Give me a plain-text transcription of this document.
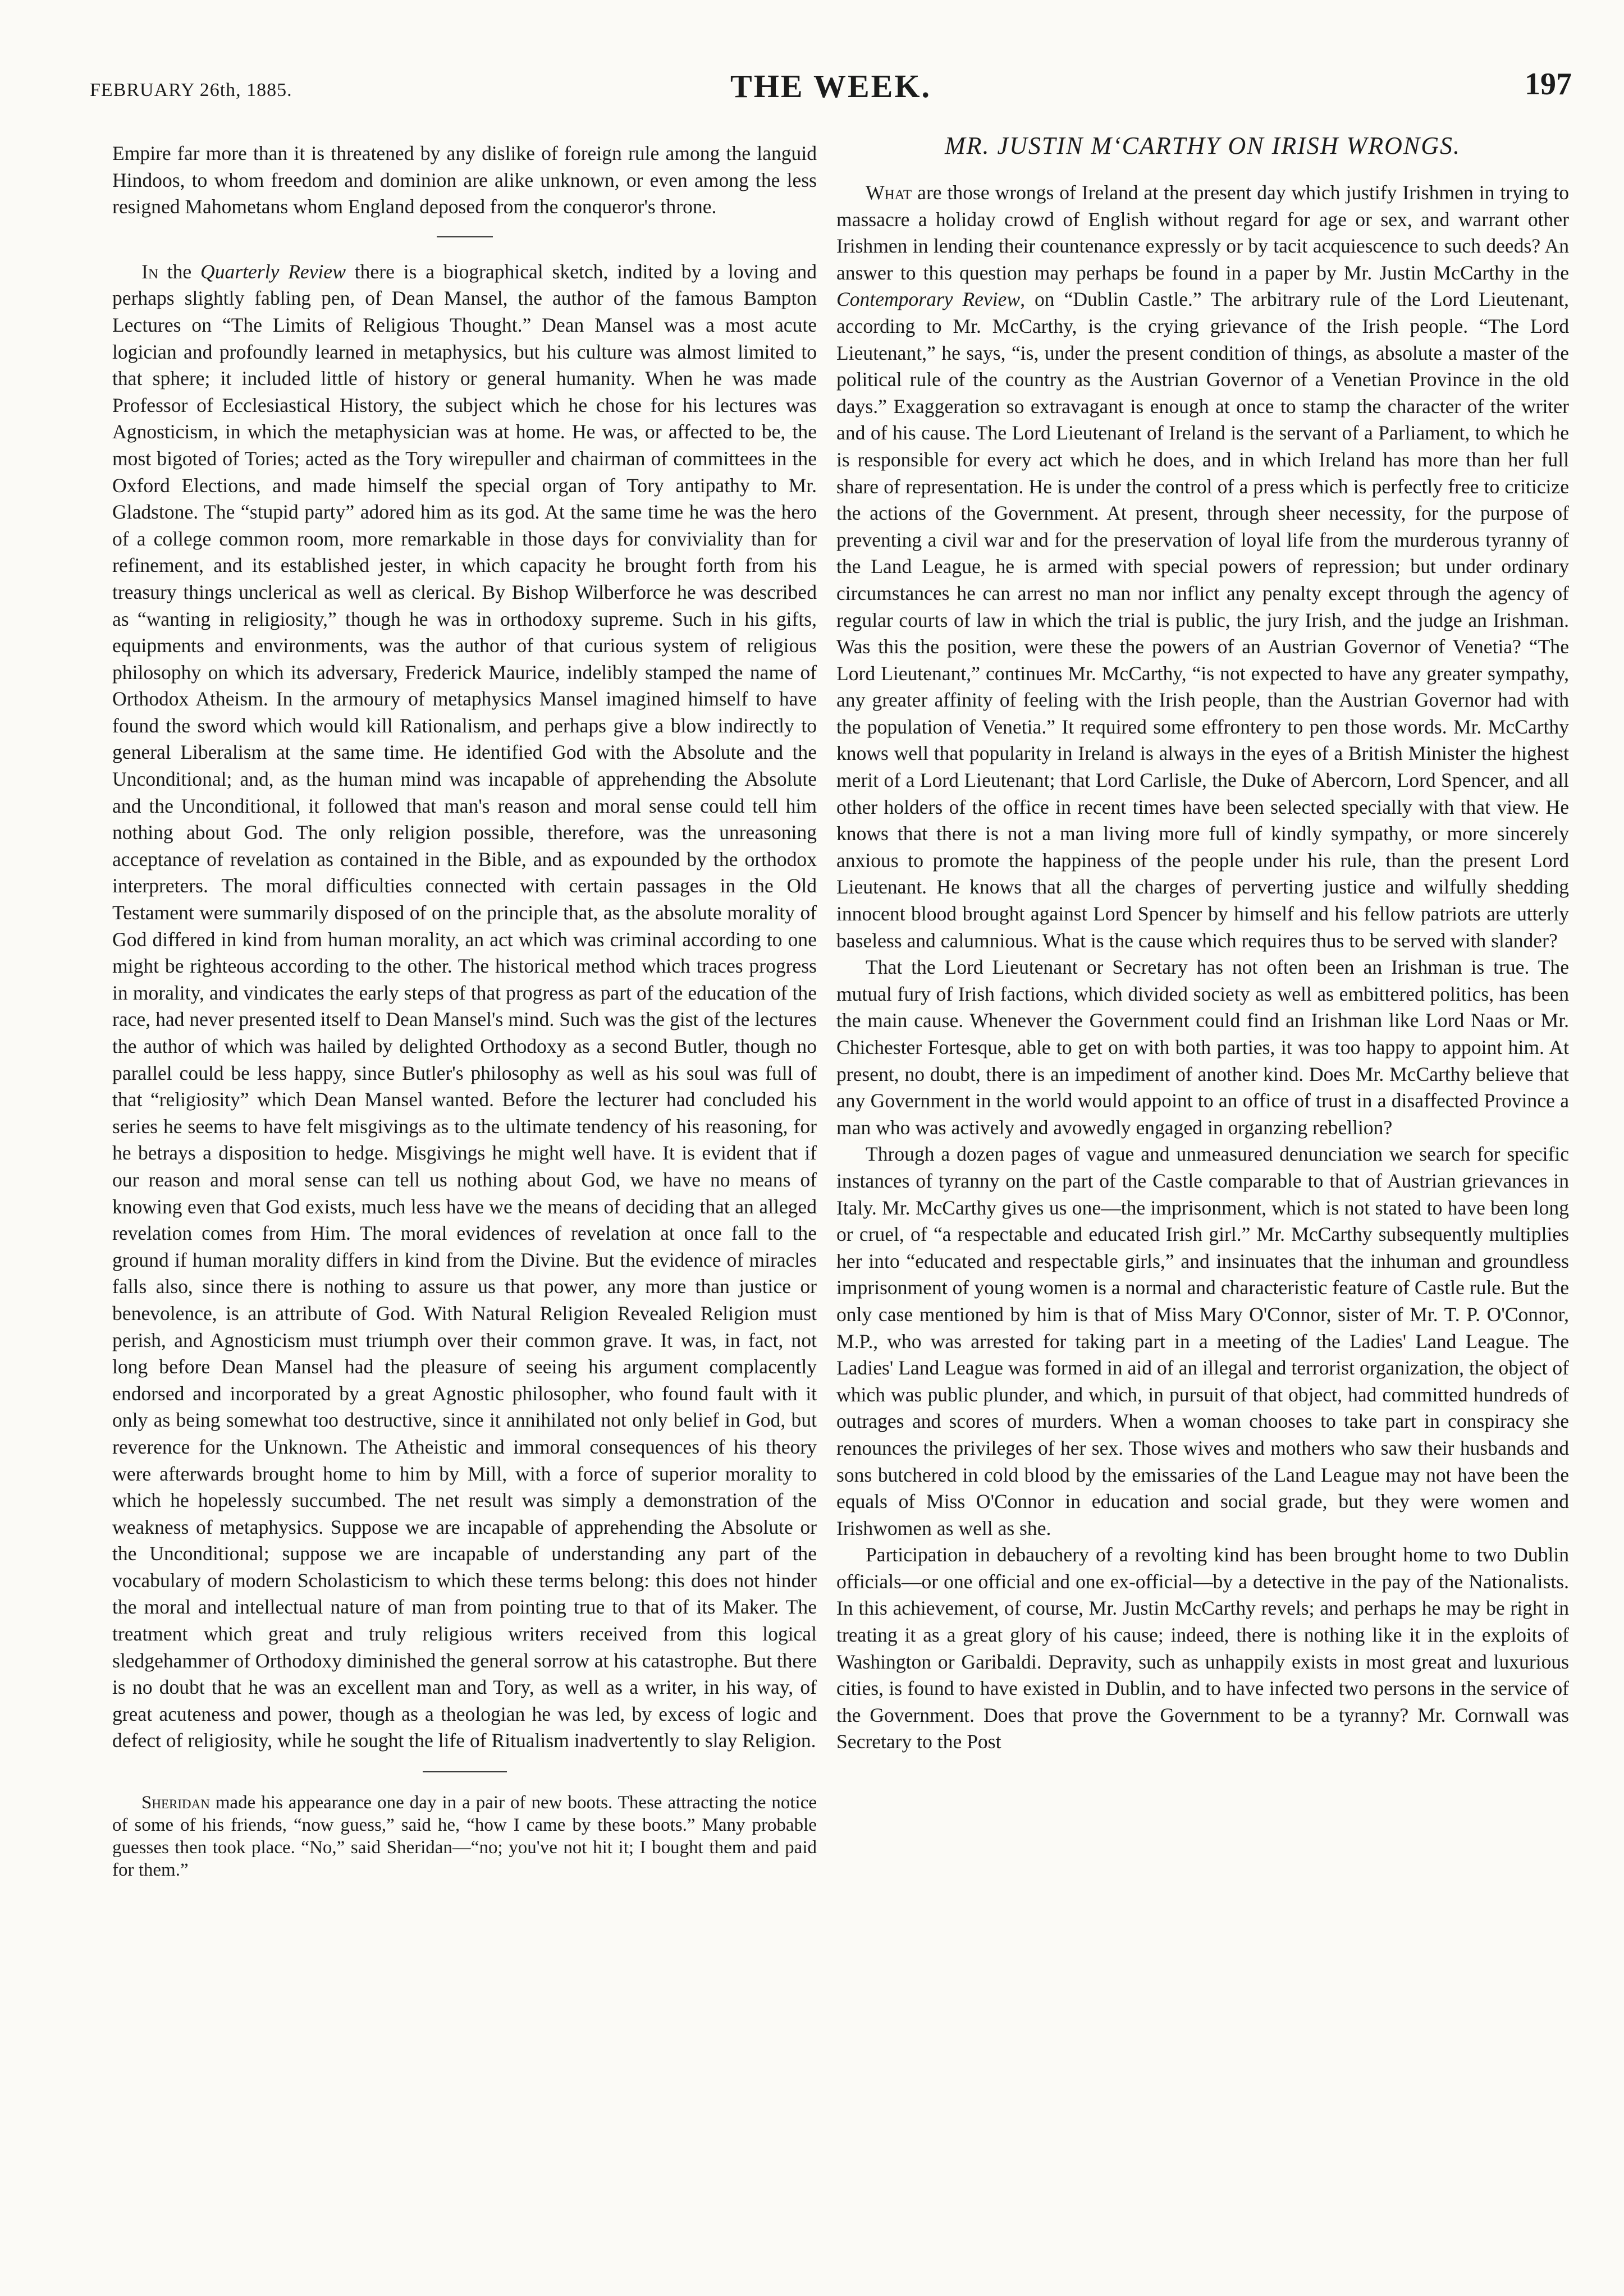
FEBRUARY 26th, 1885.	THE WEEK.	197

Empire far more than it is threatened by any dislike of foreign rule among the languid Hindoos, to whom freedom and dominion are alike unknown, or even among the less resigned Mahometans whom England deposed from the conqueror's throne.

In the Quarterly Review there is a biographical sketch, indited by a loving and perhaps slightly fabling pen, of Dean Mansel, the author of the famous Bampton Lectures on “The Limits of Religious Thought.” Dean Mansel was a most acute logician and profoundly learned in metaphysics, but his culture was almost limited to that sphere; it included little of history or general humanity. When he was made Professor of Ecclesiastical History, the subject which he chose for his lectures was Agnosticism, in which the metaphysician was at home. He was, or affected to be, the most bigoted of Tories; acted as the Tory wirepuller and chairman of committees in the Oxford Elections, and made himself the special organ of Tory antipathy to Mr. Gladstone. The “stupid party” adored him as its god. At the same time he was the hero of a college common room, more remarkable in those days for conviviality than for refinement, and its established jester, in which capacity he brought forth from his treasury things unclerical as well as clerical. By Bishop Wilberforce he was described as “wanting in religiosity,” though he was in orthodoxy supreme. Such in his gifts, equipments and environments, was the author of that curious system of religious philosophy on which its adversary, Frederick Maurice, indelibly stamped the name of Orthodox Atheism. In the armoury of metaphysics Mansel imagined himself to have found the sword which would kill Rationalism, and perhaps give a blow indirectly to general Liberalism at the same time. He identified God with the Absolute and the Unconditional; and, as the human mind was incapable of apprehending the Absolute and the Unconditional, it followed that man's reason and moral sense could tell him nothing about God. The only religion possible, therefore, was the unreasoning acceptance of revelation as contained in the Bible, and as expounded by the orthodox interpreters. The moral difficulties connected with certain passages in the Old Testament were summarily disposed of on the principle that, as the absolute morality of God differed in kind from human morality, an act which was criminal according to one might be righteous according to the other. The historical method which traces progress in morality, and vindicates the early steps of that progress as part of the education of the race, had never presented itself to Dean Mansel's mind. Such was the gist of the lectures the author of which was hailed by delighted Orthodoxy as a second Butler, though no parallel could be less happy, since Butler's philosophy as well as his soul was full of that “religiosity” which Dean Mansel wanted. Before the lecturer had concluded his series he seems to have felt misgivings as to the ultimate tendency of his reasoning, for he betrays a disposition to hedge. Misgivings he might well have. It is evident that if our reason and moral sense can tell us nothing about God, we have no means of knowing even that God exists, much less have we the means of deciding that an alleged revelation comes from Him. The moral evidences of revelation at once fall to the ground if human morality differs in kind from the Divine. But the evidence of miracles falls also, since there is nothing to assure us that power, any more than justice or benevolence, is an attribute of God. With Natural Religion Revealed Religion must perish, and Agnosticism must triumph over their common grave. It was, in fact, not long before Dean Mansel had the pleasure of seeing his argument complacently endorsed and incorporated by a great Agnostic philosopher, who found fault with it only as being somewhat too destructive, since it annihilated not only belief in God, but reverence for the Unknown. The Atheistic and immoral consequences of his theory were afterwards brought home to him by Mill, with a force of superior morality to which he hopelessly succumbed. The net result was simply a demonstration of the weakness of metaphysics. Suppose we are incapable of apprehending the Absolute or the Unconditional; suppose we are incapable of understanding any part of the vocabulary of modern Scholasticism to which these terms belong: this does not hinder the moral and intellectual nature of man from pointing true to that of its Maker. The treatment which great and truly religious writers received from this logical sledgehammer of Orthodoxy diminished the general sorrow at his catastrophe. But there is no doubt that he was an excellent man and Tory, as well as a writer, in his way, of great acuteness and power, though as a theologian he was led, by excess of logic and defect of religiosity, while he sought the life of Ritualism inadvertently to slay Religion.

Sheridan made his appearance one day in a pair of new boots. These attracting the notice of some of his friends, “now guess,” said he, “how I came by these boots.” Many probable guesses then took place. “No,” said Sheridan—“no; you've not hit it; I bought them and paid for them.”

MR. JUSTIN M‘CARTHY ON IRISH WRONGS.

What are those wrongs of Ireland at the present day which justify Irishmen in trying to massacre a holiday crowd of English without regard for age or sex, and warrant other Irishmen in lending their countenance expressly or by tacit acquiescence to such deeds? An answer to this question may perhaps be found in a paper by Mr. Justin McCarthy in the Contemporary Review, on “Dublin Castle.” The arbitrary rule of the Lord Lieutenant, according to Mr. McCarthy, is the crying grievance of the Irish people. “The Lord Lieutenant,” he says, “is, under the present condition of things, as absolute a master of the political rule of the country as the Austrian Governor of a Venetian Province in the old days.” Exaggeration so extravagant is enough at once to stamp the character of the writer and of his cause. The Lord Lieutenant of Ireland is the servant of a Parliament, to which he is responsible for every act which he does, and in which Ireland has more than her full share of representation. He is under the control of a press which is perfectly free to criticize the actions of the Government. At present, through sheer necessity, for the purpose of preventing a civil war and for the preservation of loyal life from the murderous tyranny of the Land League, he is armed with special powers of repression; but under ordinary circumstances he can arrest no man nor inflict any penalty except through the agency of regular courts of law in which the trial is public, the jury Irish, and the judge an Irishman. Was this the position, were these the powers of an Austrian Governor of Venetia? “The Lord Lieutenant,” continues Mr. McCarthy, “is not expected to have any greater sympathy, any greater affinity of feeling with the Irish people, than the Austrian Governor had with the population of Venetia.” It required some effrontery to pen those words. Mr. McCarthy knows well that popularity in Ireland is always in the eyes of a British Minister the highest merit of a Lord Lieutenant; that Lord Carlisle, the Duke of Abercorn, Lord Spencer, and all other holders of the office in recent times have been selected specially with that view. He knows that there is not a man living more full of kindly sympathy, or more sincerely anxious to promote the happiness of the people under his rule, than the present Lord Lieutenant. He knows that all the charges of perverting justice and wilfully shedding innocent blood brought against Lord Spencer by himself and his fellow patriots are utterly baseless and calumnious. What is the cause which requires thus to be served with slander?

That the Lord Lieutenant or Secretary has not often been an Irishman is true. The mutual fury of Irish factions, which divided society as well as embittered politics, has been the main cause. Whenever the Government could find an Irishman like Lord Naas or Mr. Chichester Fortesque, able to get on with both parties, it was too happy to appoint him. At present, no doubt, there is an impediment of another kind. Does Mr. McCarthy believe that any Government in the world would appoint to an office of trust in a disaffected Province a man who was actively and avowedly engaged in organzing rebellion?

Through a dozen pages of vague and unmeasured denunciation we search for specific instances of tyranny on the part of the Castle comparable to that of Austrian grievances in Italy. Mr. McCarthy gives us one—the imprisonment, which is not stated to have been long or cruel, of “a respectable and educated Irish girl.” Mr. McCarthy subsequently multiplies her into “educated and respectable girls,” and insinuates that the inhuman and groundless imprisonment of young women is a normal and characteristic feature of Castle rule. But the only case mentioned by him is that of Miss Mary O'Connor, sister of Mr. T. P. O'Connor, M.P., who was arrested for taking part in a meeting of the Ladies' Land League. The Ladies' Land League was formed in aid of an illegal and terrorist organization, the object of which was public plunder, and which, in pursuit of that object, had committed hundreds of outrages and scores of murders. When a woman chooses to take part in conspiracy she renounces the privileges of her sex. Those wives and mothers who saw their husbands and sons butchered in cold blood by the emissaries of the Land League may not have been the equals of Miss O'Connor in education and social grade, but they were women and Irishwomen as well as she.

Participation in debauchery of a revolting kind has been brought home to two Dublin officials—or one official and one ex-official—by a detective in the pay of the Nationalists. In this achievement, of course, Mr. Justin McCarthy revels; and perhaps he may be right in treating it as a great glory of his cause; indeed, there is nothing like it in the exploits of Washington or Garibaldi. Depravity, such as unhappily exists in most great and luxurious cities, is found to have existed in Dublin, and to have infected two persons in the service of the Government. Does that prove the Government to be a tyranny? Mr. Cornwall was Secretary to the Post
